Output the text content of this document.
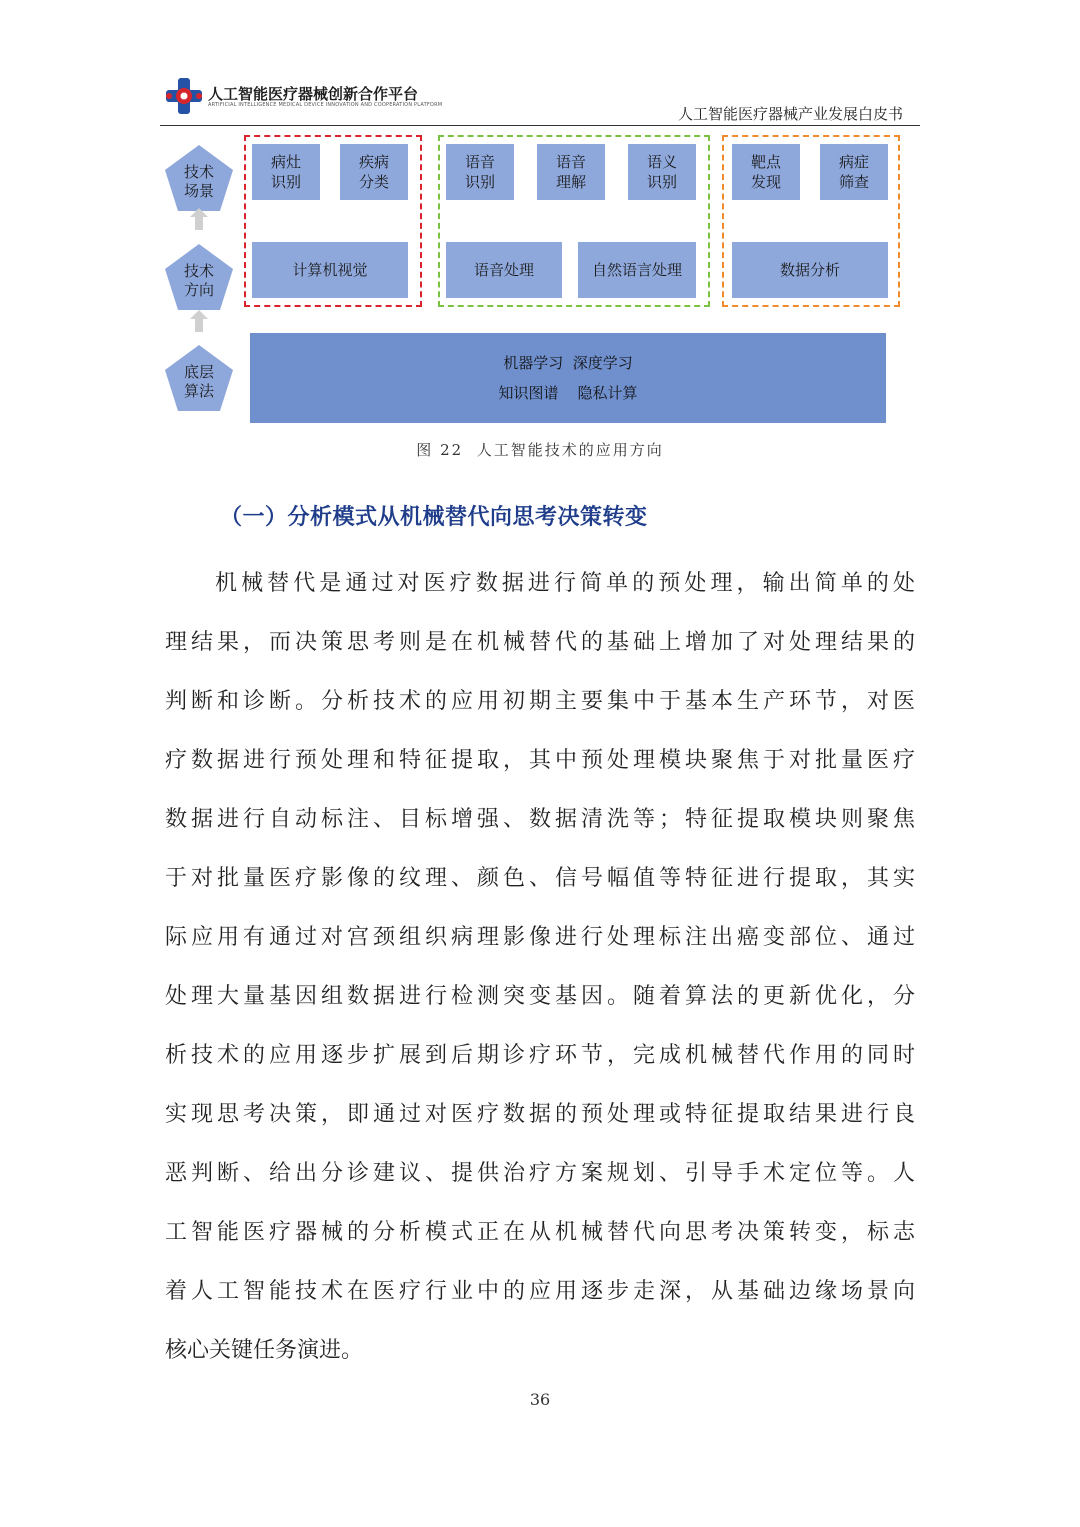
人工智能医疗器械创新合作平台
ARTIFICIAL INTELLIGENCE MEDICAL DEVICE INNOVATION AND COOPERATION PLATFORM	人工智能医疗器械产业发展白皮书
技术
场景
技术
方向
底层
算法
病灶
识别
疾病
分类
计算机视觉
语音
识别
语音
理解
语义
识别
语音处理	自然语言处理
靶点
发现
病症
筛查
数据分析
机器学习  深度学习
知识图谱    隐私计算
图 22  人工智能技术的应用方向
（一）分析模式从机械替代向思考决策转变
机械替代是通过对医疗数据进行简单的预处理，输出简单的处
理结果，而决策思考则是在机械替代的基础上增加了对处理结果的
判断和诊断。分析技术的应用初期主要集中于基本生产环节，对医
疗数据进行预处理和特征提取，其中预处理模块聚焦于对批量医疗
数据进行自动标注、目标增强、数据清洗等；特征提取模块则聚焦
于对批量医疗影像的纹理、颜色、信号幅值等特征进行提取，其实
际应用有通过对宫颈组织病理影像进行处理标注出癌变部位、通过
处理大量基因组数据进行检测突变基因。随着算法的更新优化，分
析技术的应用逐步扩展到后期诊疗环节，完成机械替代作用的同时
实现思考决策，即通过对医疗数据的预处理或特征提取结果进行良
恶判断、给出分诊建议、提供治疗方案规划、引导手术定位等。人
工智能医疗器械的分析模式正在从机械替代向思考决策转变，标志
着人工智能技术在医疗行业中的应用逐步走深，从基础边缘场景向
核心关键任务演进。
36
